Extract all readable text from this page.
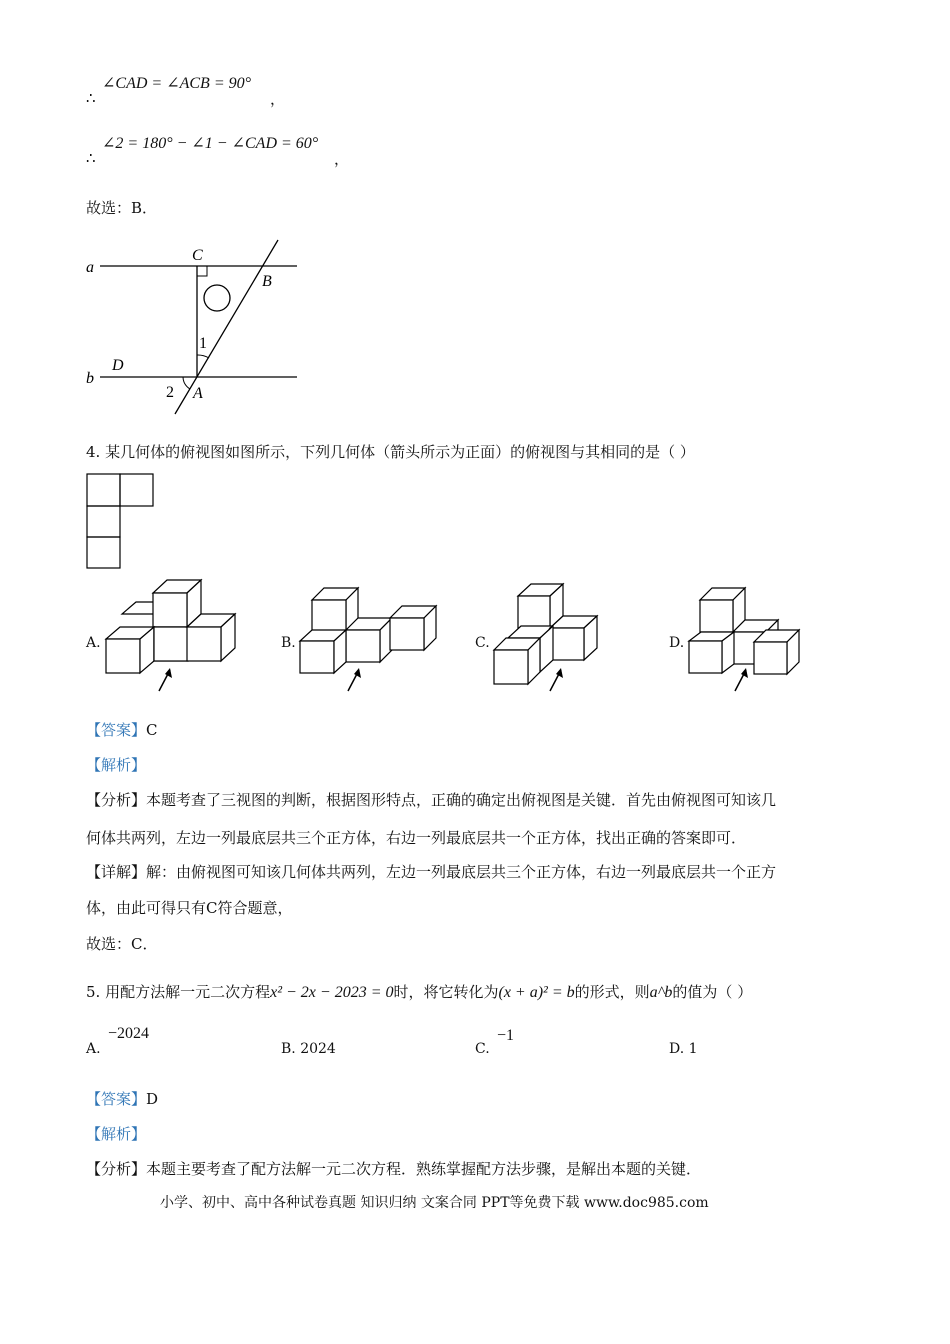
∴
∠CAD = ∠ACB = 90°
，
∴
∠2 = 180° − ∠1 − ∠CAD = 60°
，
故选：B．
a
b
C
B
D
A
1
2
4. 某几何体的俯视图如图所示，下列几何体（箭头所示为正面）的俯视图与其相同的是（ ）
A.	B.	C.	D.
【答案】C
【解析】
【分析】本题考查了三视图的判断，根据图形特点，正确的确定出俯视图是关键．首先由俯视图可知该几
何体共两列，左边一列最底层共三个正方体，右边一列最底层共一个正方体，找出正确的答案即可．
【详解】解：由俯视图可知该几何体共两列，左边一列最底层共三个正方体，右边一列最底层共一个正方
体，由此可得只有C符合题意，
故选：C．
5. 用配方法解一元二次方程x² − 2x − 2023 = 0时，将它转化为(x + a)² = b的形式，则a^b的值为（ ）
A.
−2024
B. 2024	C.
−1
D. 1
【答案】D
【解析】
【分析】本题主要考查了配方法解一元二次方程．熟练掌握配方法步骤，是解出本题的关键．
小学、初中、高中各种试卷真题 知识归纳 文案合同 PPT等免费下载 www.doc985.com
